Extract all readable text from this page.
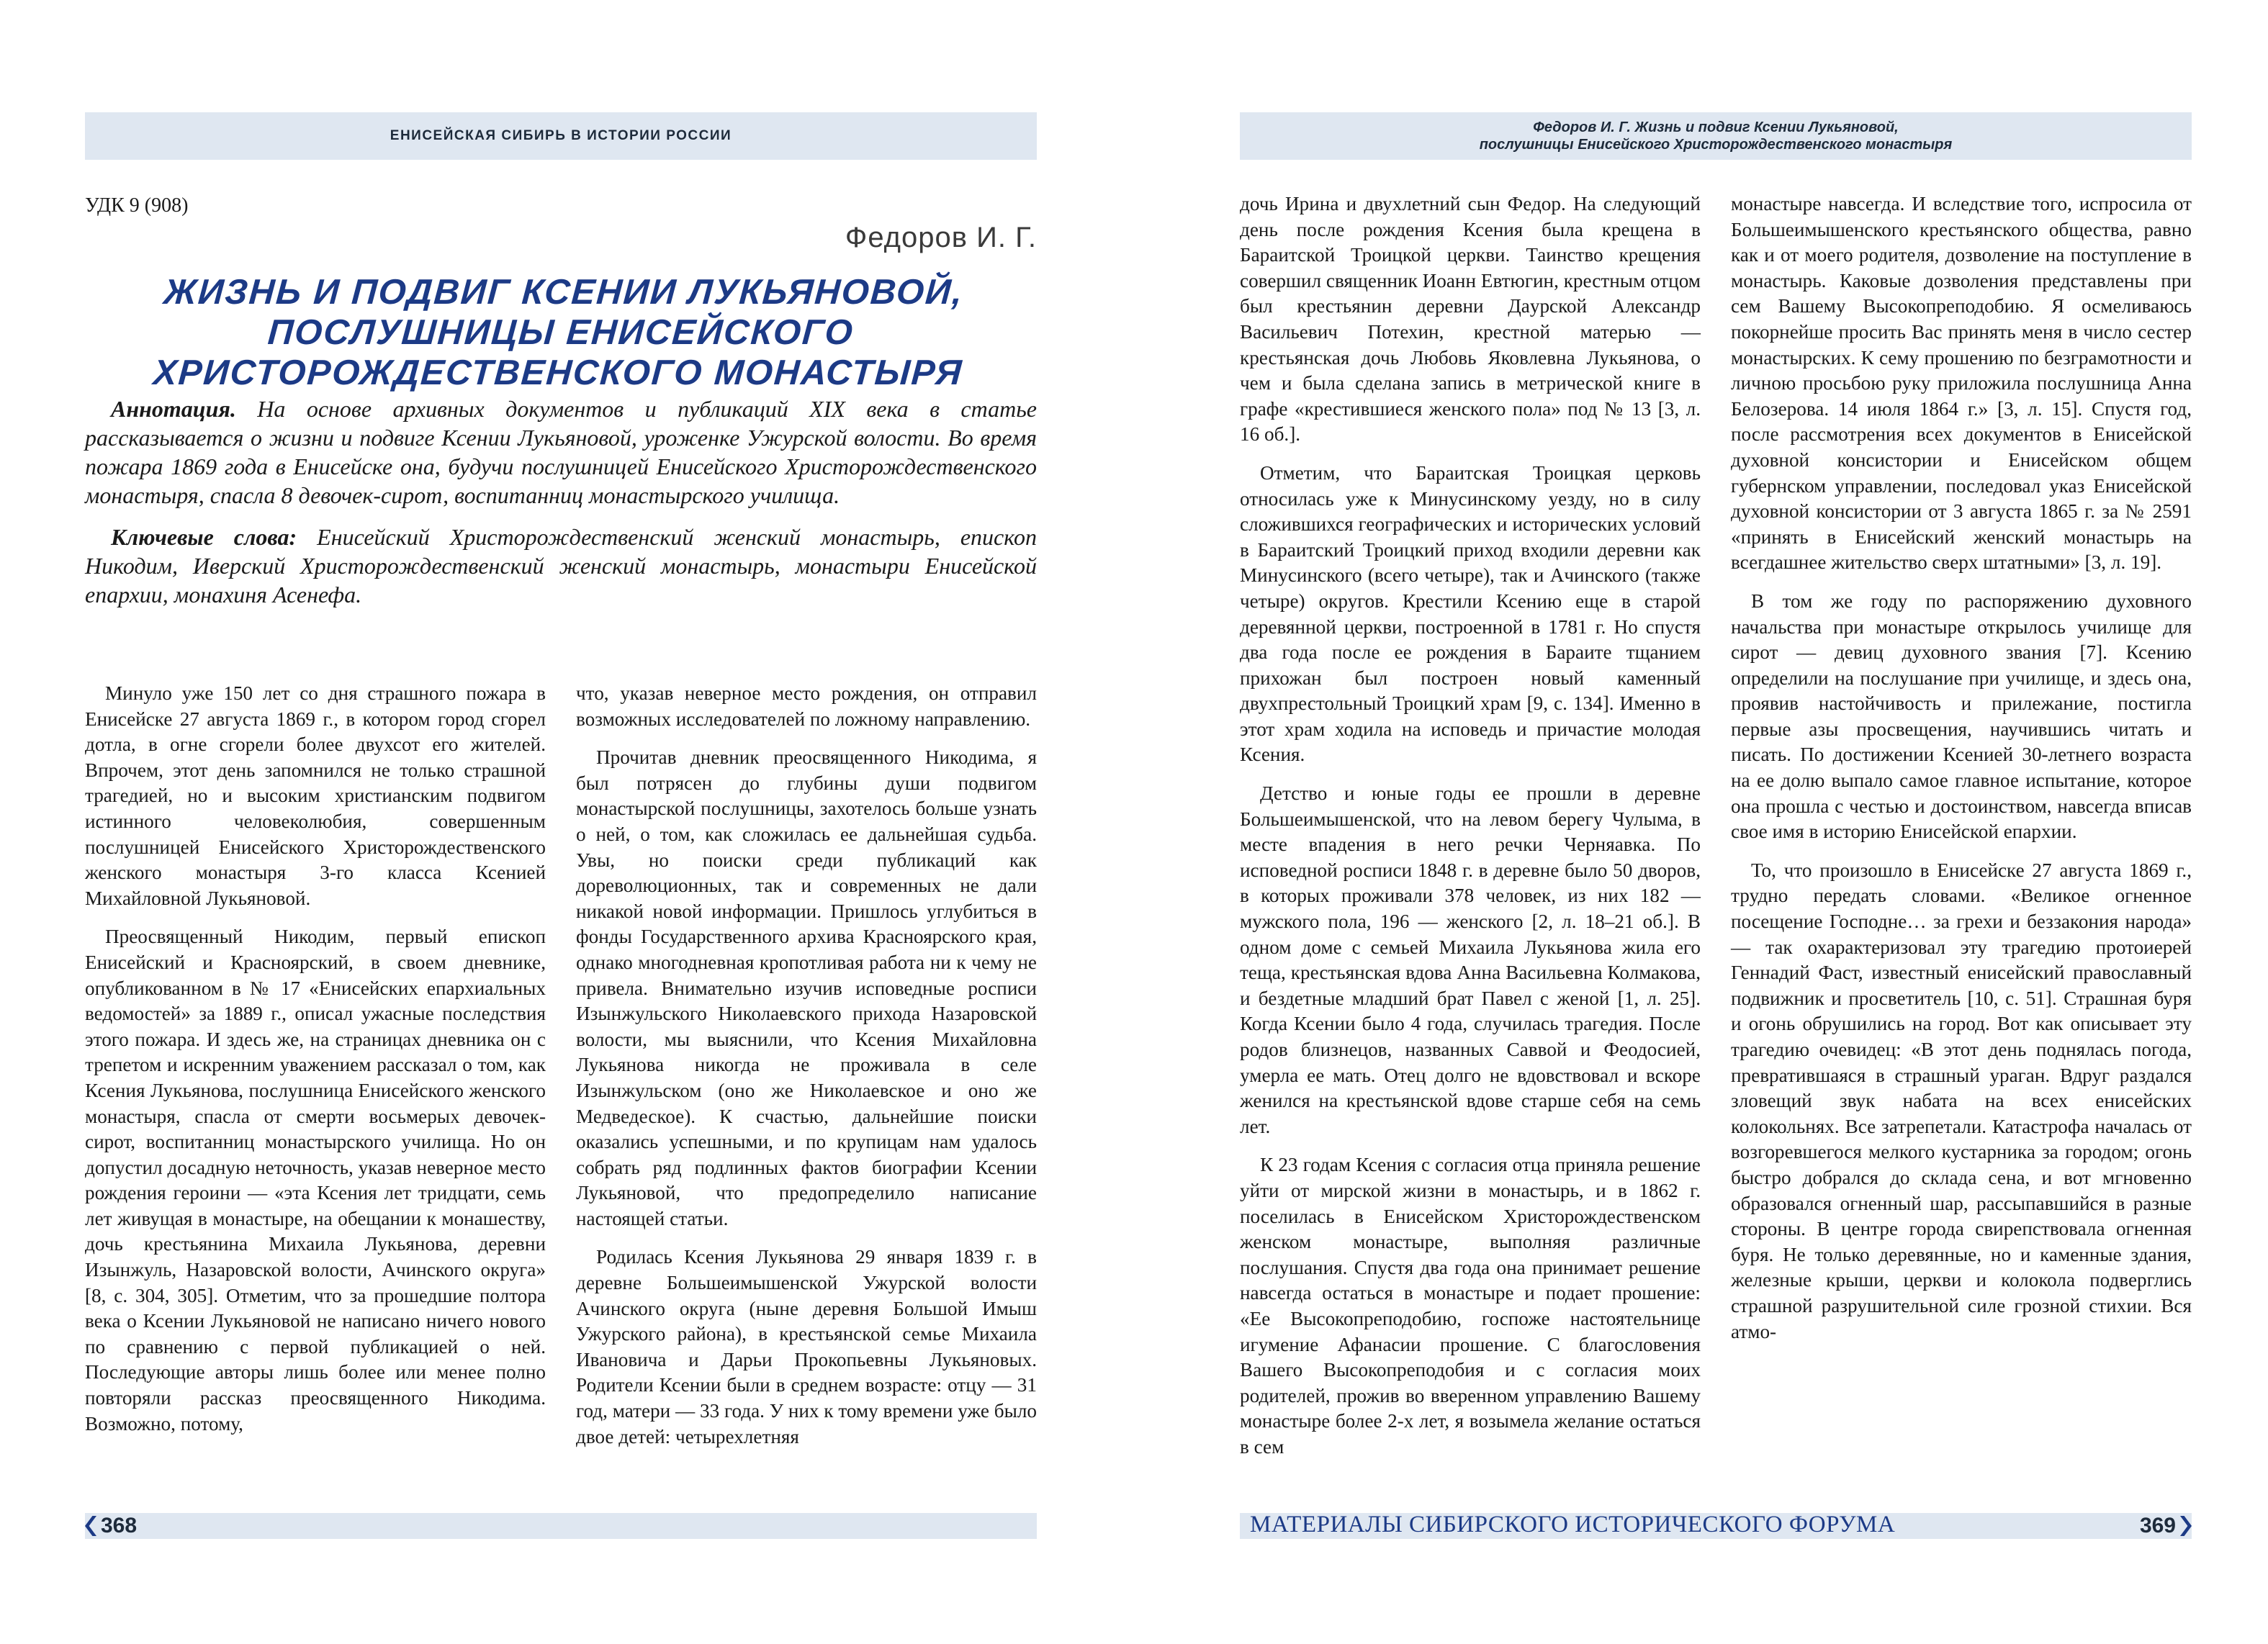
ЕНИСЕЙСКАЯ СИБИРЬ В ИСТОРИИ РОССИИ
УДК 9 (908)
Федоров И. Г.
ЖИЗНЬ И ПОДВИГ КСЕНИИ ЛУКЬЯНОВОЙ,
ПОСЛУШНИЦЫ ЕНИСЕЙСКОГО
ХРИСТОРОЖДЕСТВЕНСКОГО МОНАСТЫРЯ

Аннотация. На основе архивных документов и публикаций XIX века в статье рассказывается о жизни и подвиге Ксении Лукьяновой, уроженке Ужурской волости. Во время пожара 1869 года в Енисейске она, будучи послушницей Енисейского Христорождественского монастыря, спасла 8 девочек-сирот, воспитанниц монастырского училища.

Ключевые слова: Енисейский Христорождественский женский монастырь, епископ Никодим, Иверский Христорождественский женский монастырь, монастыри Енисейской епархии, монахиня Асенефа.

Минуло уже 150 лет со дня страшного пожара в Енисейске 27 августа 1869 г., в котором город сгорел дотла, в огне сгорели более двухсот его жителей. Впрочем, этот день запомнился не только страшной трагедией, но и высоким христианским подвигом истинного человеколюбия, совершенным послушницей Енисейского Христорождественского женского монастыря 3-го класса Ксенией Михайловной Лукьяновой.

Преосвященный Никодим, первый епископ Енисейский и Красноярский, в своем дневнике, опубликованном в № 17 «Енисейских епархиальных ведомостей» за 1889 г., описал ужасные последствия этого пожара. И здесь же, на страницах дневника он с трепетом и искренним уважением рассказал о том, как Ксения Лукьянова, послушница Енисейского женского монастыря, спасла от смерти восьмерых девочек-сирот, воспитанниц монастырского училища. Но он допустил досадную неточность, указав неверное место рождения героини — «эта Ксения лет тридцати, семь лет живущая в монастыре, на обещании к монашеству, дочь крестьянина Михаила Лукьянова, деревни Изынжуль, Назаровской волости, Ачинского округа» [8, с. 304, 305]. Отметим, что за прошедшие полтора века о Ксении Лукьяновой не написано ничего нового по сравнению с первой публикацией о ней. Последующие авторы лишь более или менее полно повторяли рассказ преосвященного Никодима. Возможно, потому,

что, указав неверное место рождения, он отправил возможных исследователей по ложному направлению.

Прочитав дневник преосвященного Никодима, я был потрясен до глубины души подвигом монастырской послушницы, захотелось больше узнать о ней, о том, как сложилась ее дальнейшая судьба. Увы, но поиски среди публикаций как дореволюционных, так и современных не дали никакой новой информации. Пришлось углубиться в фонды Государственного архива Красноярского края, однако многодневная кропотливая работа ни к чему не привела. Внимательно изучив исповедные росписи Изынжульского Николаевского прихода Назаровской волости, мы выяснили, что Ксения Михайловна Лукьянова никогда не проживала в селе Изынжульском (оно же Николаевское и оно же Медведеское). К счастью, дальнейшие поиски оказались успешными, и по крупицам нам удалось собрать ряд подлинных фактов биографии Ксении Лукьяновой, что предопределило написание настоящей статьи.

Родилась Ксения Лукьянова 29 января 1839 г. в деревне Большеимышенской Ужурской волости Ачинского округа (ныне деревня Большой Имыш Ужурского района), в крестьянской семье Михаила Ивановича и Дарьи Прокопьевны Лукьяновых. Родители Ксении были в среднем возрасте: отцу — 31 год, матери — 33 года. У них к тому времени уже было двое детей: четырехлетняя

368
Федоров И. Г. Жизнь и подвиг Ксении Лукьяновой,
послушницы Енисейского Христорождественского монастыря

дочь Ирина и двухлетний сын Федор. На следующий день после рождения Ксения была крещена в Бараитской Троицкой церкви. Таинство крещения совершил священник Иоанн Евтюгин, крестным отцом был крестьянин деревни Дaурской Александр Васильевич Потехин, крестной матерью — крестьянская дочь Любовь Яковлевна Лукьянова, о чем и была сделана запись в метрической книге в графе «крестившиеся женского пола» под № 13 [3, л. 16 об.].

Отметим, что Бараитская Троицкая церковь относилась уже к Минусинскому уезду, но в силу сложившихся географических и исторических условий в Бараитский Троицкий приход входили деревни как Минусинского (всего четыре), так и Ачинского (также четыре) округов. Крестили Ксению еще в старой деревянной церкви, построенной в 1781 г. Но спустя два года после ее рождения в Бараите тщанием прихожан был построен новый каменный двухпрестольный Троицкий храм [9, с. 134]. Именно в этот храм ходила на исповедь и причастие молодая Ксения.

Детство и юные годы ее прошли в деревне Большеимышенской, что на левом берегу Чулыма, в месте впадения в него речки Черняавка. По исповедной росписи 1848 г. в деревне было 50 дворов, в которых проживали 378 человек, из них 182 — мужского пола, 196 — женского [2, л. 18–21 об.]. В одном доме с семьей Михаила Лукьянова жила его теща, крестьянская вдова Анна Васильевна Колмакова, и бездетные младший брат Павел с женой [1, л. 25]. Когда Ксении было 4 года, случилась трагедия. После родов близнецов, названных Саввой и Феодосией, умерла ее мать. Отец долго не вдовствовал и вскоре женился на крестьянской вдове старше себя на семь лет.

К 23 годам Ксения с согласия отца приняла решение уйти от мирской жизни в монастырь, и в 1862 г. поселилась в Енисейском Христорождественском женском монастыре, выполняя различные послушания. Спустя два года она принимает решение навсегда остаться в монастыре и подает прошение: «Ее Высокопреподобию, госпоже настоятельнице игумение Афанасии прошение. С благословения Вашего Высокопреподобия и с согласия моих родителей, прожив во вверенном управлению Вашему монастыре более 2-х лет, я возымела желание остаться в сем

монастыре навсегда. И вследствие того, испросила от Большеимышенского крестьянского общества, равно как и от моего родителя, дозволение на поступление в монастырь. Каковые дозволения представлены при сем Вашему Высокопреподобию. Я осмеливаюсь покорнейше просить Вас принять меня в число сестер монастырских. К сему прошению по безграмотности и личною просьбою руку приложила послушница Анна Белозерова. 14 июля 1864 г.» [3, л. 15]. Спустя год, после рассмотрения всех документов в Енисейской духовной консистории и Енисейском общем губернском управлении, последовал указ Енисейской духовной консистории от 3 августа 1865 г. за № 2591 «принять в Енисейский женский монастырь на всегдашнее жительство сверх штатными» [3, л. 19].

В том же году по распоряжению духовного начальства при монастыре открылось училище для сирот — девиц духовного звания [7]. Ксению определили на послушание при училище, и здесь она, проявив настойчивость и прилежание, постигла первые азы просвещения, научившись читать и писать. По достижении Ксенией 30-летнего возраста на ее долю выпало самое главное испытание, которое она прошла с честью и достоинством, навсегда вписав свое имя в историю Енисейской епархии.

То, что произошло в Енисейске 27 августа 1869 г., трудно передать словами. «Великое огненное посещение Господне… за грехи и беззакония народа» — так охарактеризовал эту трагедию протоиерей Геннадий Фаст, известный енисейский православный подвижник и просветитель [10, с. 51]. Страшная буря и огонь обрушились на город. Вот как описывает эту трагедию очевидец: «В этот день поднялась погода, превратившаяся в страшный ураган. Вдруг раздался зловещий звук набата на всех енисейских колокольнях. Все затрепетали. Катастрофа началась от возгоревшегося мелкого кустарника за городом; огонь быстро добрался до склада сена, и вот мгновенно образовался огненный шар, рассыпавшийся в разные стороны. В центре города свирепствовала огненная буря. Не только деревянные, но и каменные здания, железные крыши, церкви и колокола подверглись страшной разрушительной силе грозной стихии. Вся атмо-

МАТЕРИАЛЫ СИБИРСКОГО ИСТОРИЧЕСКОГО ФОРУМА	369
